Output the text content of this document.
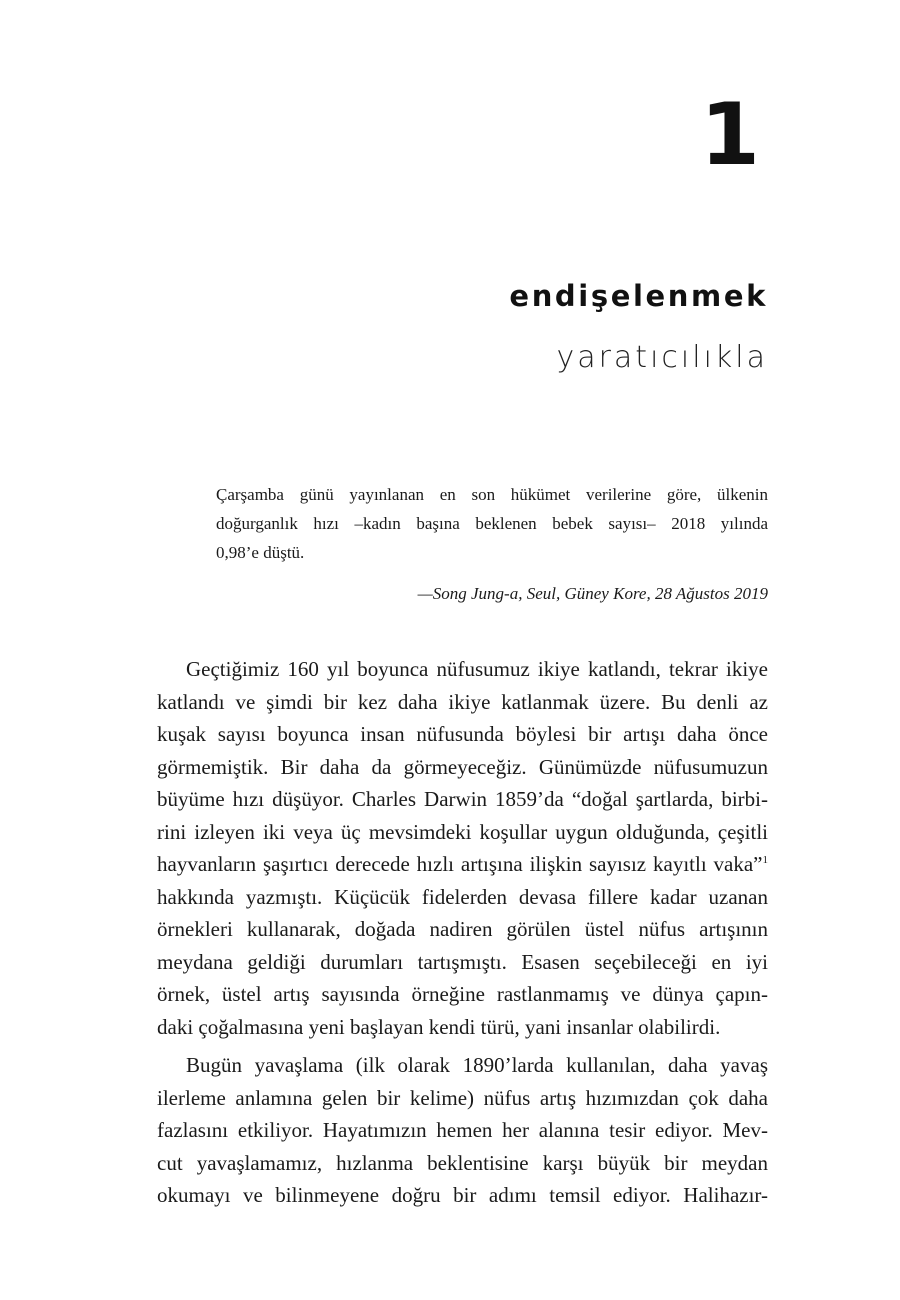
1
endişelenmek
yaratıcılıkla
Çarşamba günü yayınlanan en son hükümet verilerine göre, ülkenin
doğurganlık hızı –kadın başına beklenen bebek sayısı– 2018 yılında
0,98’e düştü.
—Song Jung-a, Seul, Güney Kore, 28 Ağustos 2019
Geçtiğimiz 160 yıl boyunca nüfusumuz ikiye katlandı, tekrar ikiye
katlandı ve şimdi bir kez daha ikiye katlanmak üzere. Bu denli az
kuşak sayısı boyunca insan nüfusunda böylesi bir artışı daha önce
görmemiştik. Bir daha da görmeyeceğiz. Günümüzde nüfusumuzun
büyüme hızı düşüyor. Charles Darwin 1859’da “doğal şartlarda, birbi-
rini izleyen iki veya üç mevsimdeki koşullar uygun olduğunda, çeşitli
hayvanların şaşırtıcı derecede hızlı artışına ilişkin sayısız kayıtlı vaka”$^1$
hakkında yazmıştı. Küçücük fidelerden devasa fillere kadar uzanan
örnekleri kullanarak, doğada nadiren görülen üstel nüfus artışının
meydana geldiği durumları tartışmıştı. Esasen seçebileceği en iyi
örnek, üstel artış sayısında örneğine rastlanmamış ve dünya çapın-
daki çoğalmasına yeni başlayan kendi türü, yani insanlar olabilirdi.
Bugün yavaşlama (ilk olarak 1890’larda kullanılan, daha yavaş
ilerleme anlamına gelen bir kelime) nüfus artış hızımızdan çok daha
fazlasını etkiliyor. Hayatımızın hemen her alanına tesir ediyor. Mev-
cut yavaşlamamız, hızlanma beklentisine karşı büyük bir meydan
okumayı ve bilinmeyene doğru bir adımı temsil ediyor. Halihazır-
